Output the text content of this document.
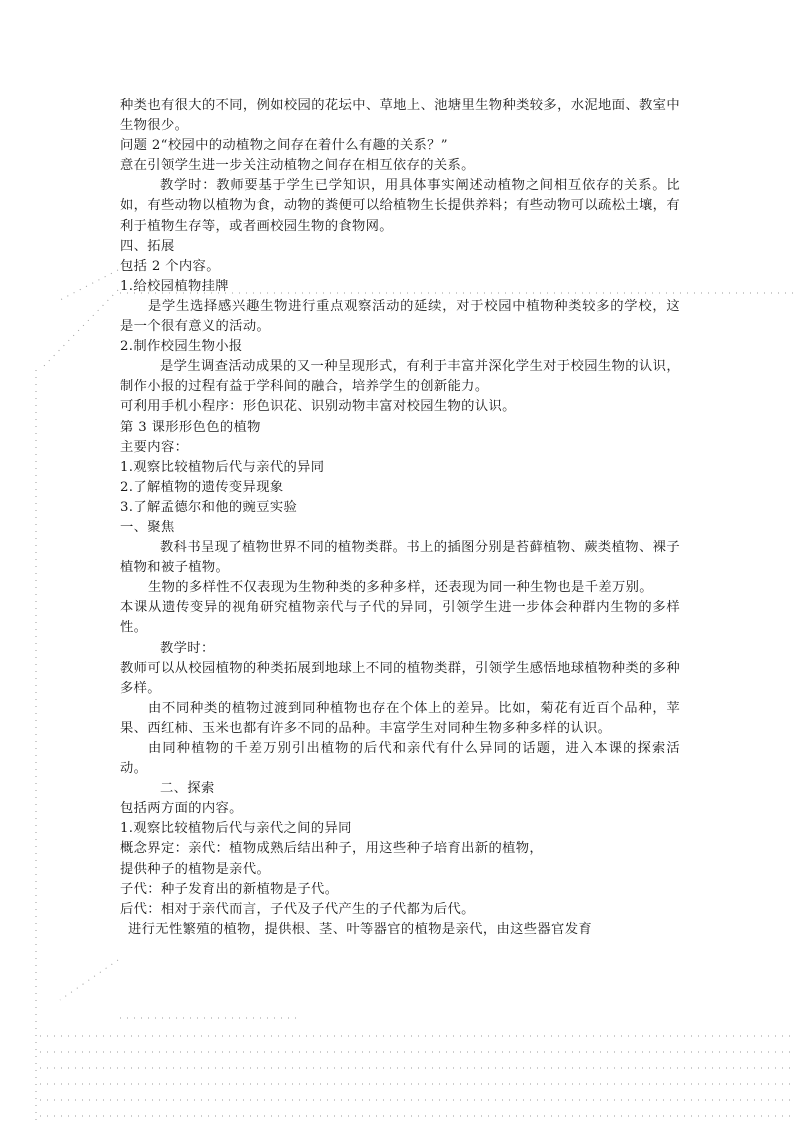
种类也有很大的不同，例如校园的花坛中、草地上、池塘里生物种类较多，水泥地面、教室中生物很少。
问题 2“校园中的动植物之间存在着什么有趣的关系？”
意在引领学生进一步关注动植物之间存在相互依存的关系。
教学时：教师要基于学生已学知识，用具体事实阐述动植物之间相互依存的关系。比如，有些动物以植物为食，动物的粪便可以给植物生长提供养料；有些动物可以疏松土壤，有利于植物生存等，或者画校园生物的食物网。
四、拓展
包括 2 个内容。
1.给校园植物挂牌
是学生选择感兴趣生物进行重点观察活动的延续，对于校园中植物种类较多的学校，这是一个很有意义的活动。
2.制作校园生物小报
是学生调查活动成果的又一种呈现形式，有利于丰富并深化学生对于校园生物的认识，制作小报的过程有益于学科间的融合，培养学生的创新能力。
可利用手机小程序：形色识花、识别动物丰富对校园生物的认识。
第 3 课形形色色的植物
主要内容：
1.观察比较植物后代与亲代的异同
2.了解植物的遗传变异现象
3.了解孟德尔和他的豌豆实验
一、聚焦
教科书呈现了植物世界不同的植物类群。书上的插图分别是苔藓植物、蕨类植物、裸子植物和被子植物。
生物的多样性不仅表现为生物种类的多种多样，还表现为同一种生物也是千差万别。
本课从遗传变异的视角研究植物亲代与子代的异同，引领学生进一步体会种群内生物的多样性。
教学时：
教师可以从校园植物的种类拓展到地球上不同的植物类群，引领学生感悟地球植物种类的多种多样。
由不同种类的植物过渡到同种植物也存在个体上的差异。比如，菊花有近百个品种，苹果、西红柿、玉米也都有许多不同的品种。丰富学生对同种生物多种多样的认识。
由同种植物的千差万别引出植物的后代和亲代有什么异同的话题，进入本课的探索活动。
二、探索
包括两方面的内容。
1.观察比较植物后代与亲代之间的异同
概念界定：亲代：植物成熟后结出种子，用这些种子培育出新的植物，
提供种子的植物是亲代。
子代：种子发育出的新植物是子代。
后代：相对于亲代而言，子代及子代产生的子代都为后代。
进行无性繁殖的植物，提供根、茎、叶等器官的植物是亲代，由这些器官发育
